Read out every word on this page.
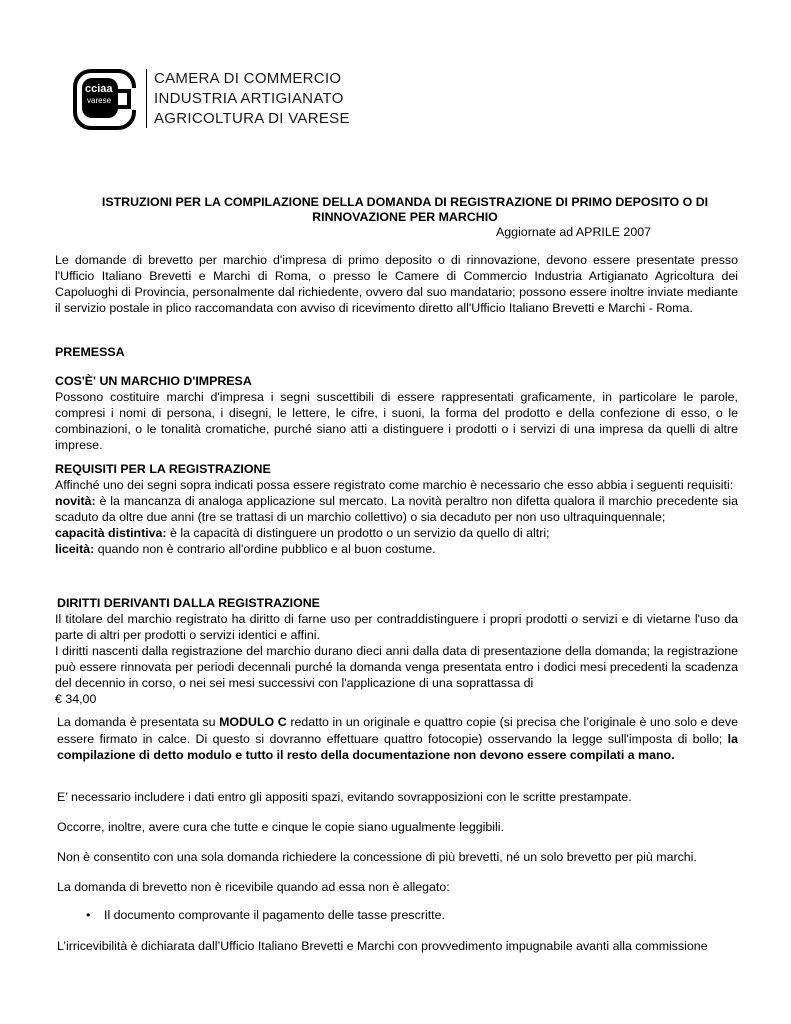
cciaa
varese
CAMERA DI COMMERCIO
INDUSTRIA ARTIGIANATO
AGRICOLTURA DI VARESE
ISTRUZIONI PER LA COMPILAZIONE DELLA DOMANDA DI REGISTRAZIONE DI PRIMO DEPOSITO O DI
RINNOVAZIONE PER MARCHIO
Aggiornate ad APRILE 2007
Le domande di brevetto per marchio d'impresa di primo deposito o di rinnovazione, devono essere presentate presso l'Ufficio Italiano Brevetti e Marchi di Roma, o presso le Camere di Commercio Industria Artigianato Agricoltura dei Capoluoghi di Provincia, personalmente dal richiedente, ovvero dal suo mandatario; possono essere inoltre inviate mediante il servizio postale in plico raccomandata con avviso di ricevimento diretto all'Ufficio Italiano Brevetti e Marchi - Roma.
PREMESSA
COS'È' UN MARCHIO D'IMPRESA
Possono costituire marchi d'impresa i segni suscettibili di essere rappresentati graficamente, in particolare le parole, compresi i nomi di persona, i disegni, le lettere, le cifre, i suoni, la forma del prodotto e della confezione di esso, o le combinazioni, o le tonalità cromatiche, purché siano atti a distinguere i prodotti o i servizi di una impresa da quelli di altre imprese.
REQUISITI PER LA REGISTRAZIONE
Affinché uno dei segni sopra indicati possa essere registrato come marchio è necessario che esso abbia i seguenti requisiti:
novità: è la mancanza di analoga applicazione sul mercato. La novità peraltro non difetta qualora il marchio precedente sia scaduto da oltre due anni (tre se trattasi di un marchio collettivo) o sia decaduto per non uso ultraquinquennale;
capacità distintiva: è la capacità di distinguere un prodotto o un servizio da quello di altri;
liceità: quando non è contrario all'ordine pubblico e al buon costume.
DIRITTI DERIVANTI DALLA REGISTRAZIONE
Il titolare del marchio registrato ha diritto di farne uso per contraddistinguere i propri prodotti o servizi e di vietarne l'uso da parte di altri per prodotti o servizi identici e affini.
I diritti nascenti dalla registrazione del marchio durano dieci anni dalla data di presentazione della domanda; la registrazione può essere rinnovata per periodi decennali purché la domanda venga presentata entro i dodici mesi precedenti la scadenza del decennio in corso, o nei sei mesi successivi con l'applicazione di una soprattassa di
€ 34,00
La domanda è presentata su MODULO C redatto in un originale e quattro copie (si precisa che l’originale è uno solo e deve essere firmato in calce. Di questo si dovranno effettuare quattro fotocopie) osservando la legge sull'imposta di bollo; la compilazione di detto modulo e tutto il resto della documentazione non devono essere compilati a mano.
E’ necessario includere i dati entro gli appositi spazi, evitando sovrapposizioni con le scritte prestampate.
Occorre, inoltre, avere cura che tutte e cinque le copie siano ugualmente leggibili.
Non è consentito con una sola domanda richiedere la concessione di più brevetti, né un solo brevetto per più marchi.
La domanda di brevetto non è ricevibile quando ad essa non è allegato:
• Il documento comprovante il pagamento delle tasse prescritte.
L’irricevibilità è dichiarata dall’Ufficio Italiano Brevetti e Marchi con provvedimento impugnabile avanti alla commissione
